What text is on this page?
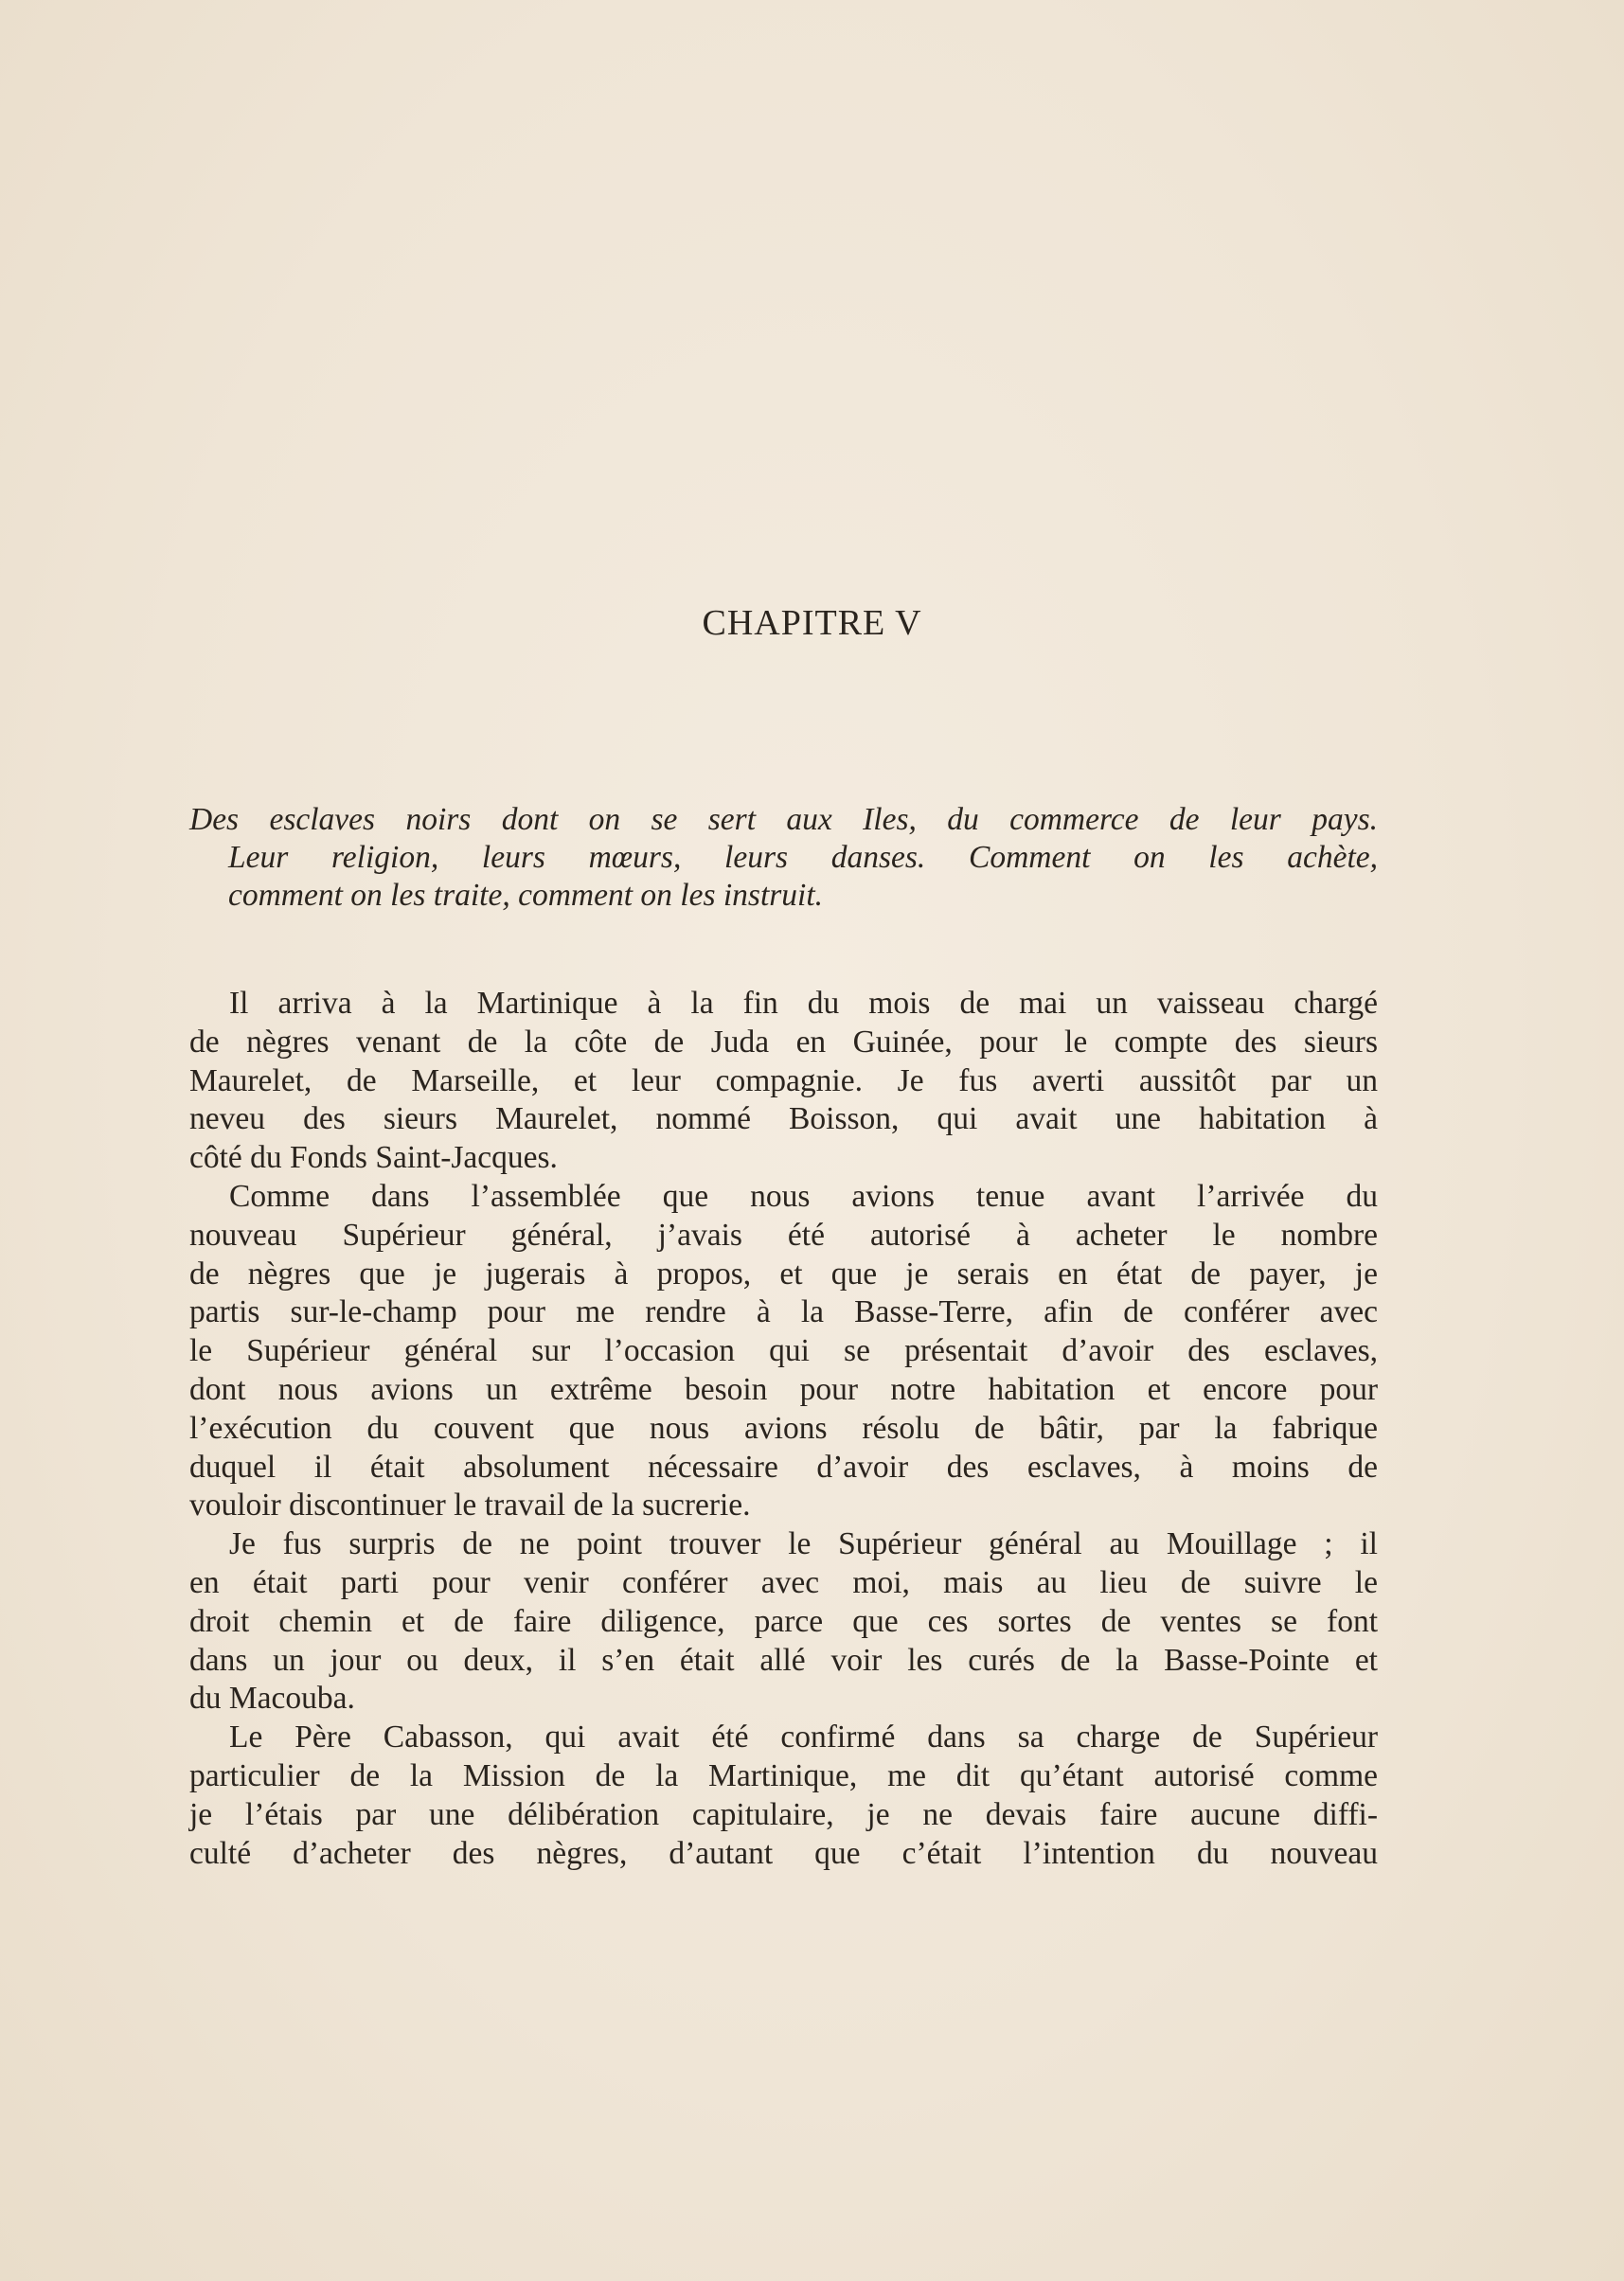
CHAPITRE V
Des esclaves noirs dont on se sert aux Iles, du commerce de leur pays.
Leur religion, leurs mœurs, leurs danses. Comment on les achète,
comment on les traite, comment on les instruit.
Il arriva à la Martinique à la fin du mois de mai un vaisseau chargé
de nègres venant de la côte de Juda en Guinée, pour le compte des sieurs
Maurelet, de Marseille, et leur compagnie. Je fus averti aussitôt par un
neveu des sieurs Maurelet, nommé Boisson, qui avait une habitation à
côté du Fonds Saint-Jacques.
Comme dans l’assemblée que nous avions tenue avant l’arrivée du
nouveau Supérieur général, j’avais été autorisé à acheter le nombre
de nègres que je jugerais à propos, et que je serais en état de payer, je
partis sur-le-champ pour me rendre à la Basse-Terre, afin de conférer avec
le Supérieur général sur l’occasion qui se présentait d’avoir des esclaves,
dont nous avions un extrême besoin pour notre habitation et encore pour
l’exécution du couvent que nous avions résolu de bâtir, par la fabrique
duquel il était absolument nécessaire d’avoir des esclaves, à moins de
vouloir discontinuer le travail de la sucrerie.
Je fus surpris de ne point trouver le Supérieur général au Mouillage ; il
en était parti pour venir conférer avec moi, mais au lieu de suivre le
droit chemin et de faire diligence, parce que ces sortes de ventes se font
dans un jour ou deux, il s’en était allé voir les curés de la Basse-Pointe et
du Macouba.
Le Père Cabasson, qui avait été confirmé dans sa charge de Supérieur
particulier de la Mission de la Martinique, me dit qu’étant autorisé comme
je l’étais par une délibération capitulaire, je ne devais faire aucune diffi-
culté d’acheter des nègres, d’autant que c’était l’intention du nouveau
